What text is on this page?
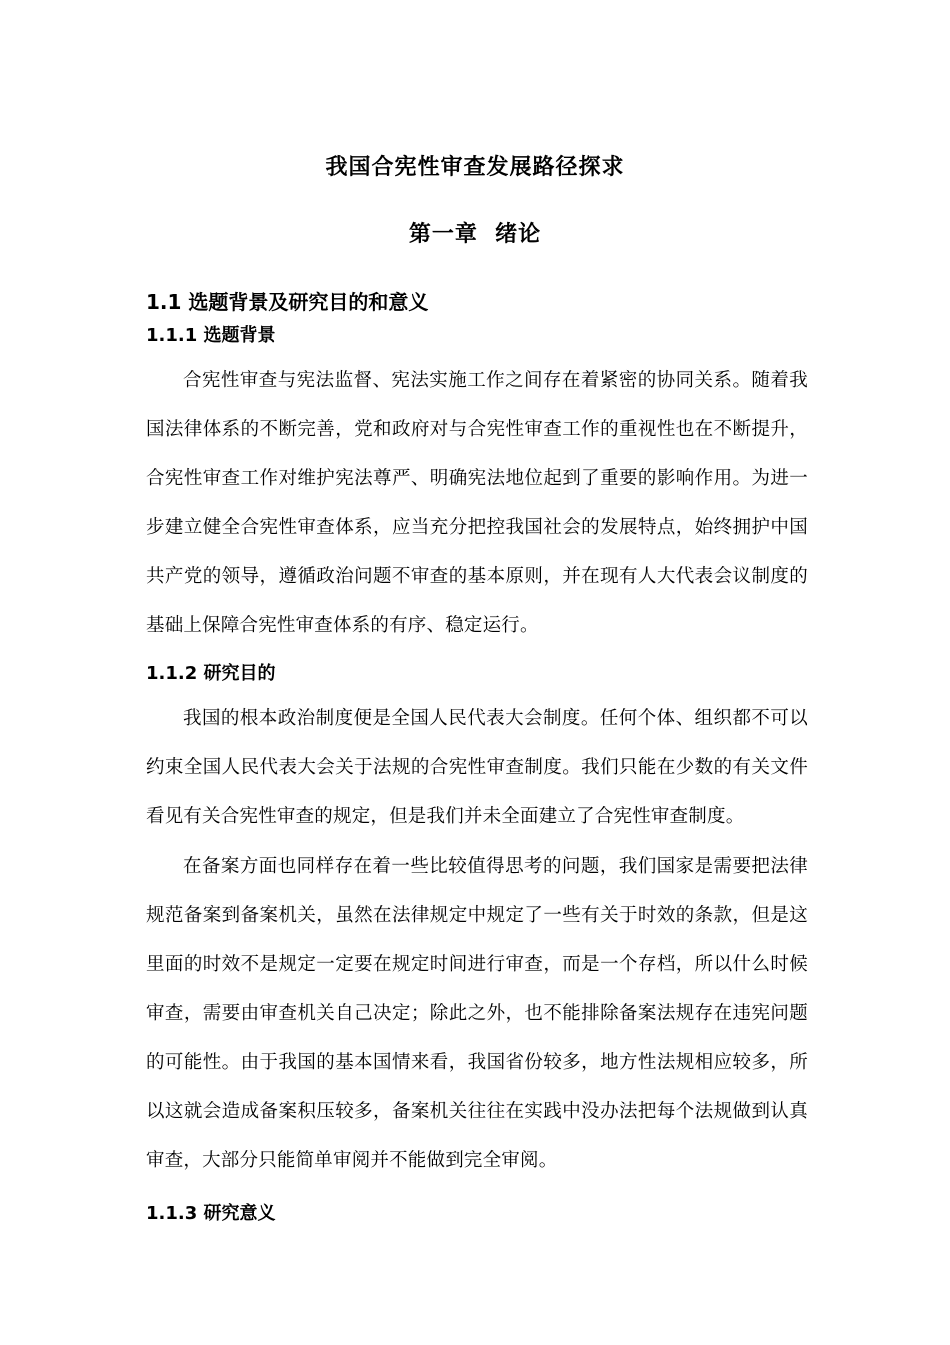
我国合宪性审查发展路径探求
第一章  绪论
1.1 选题背景及研究目的和意义
1.1.1 选题背景

合宪性审查与宪法监督、宪法实施工作之间存在着紧密的协同关系。随着我国法律体系的不断完善，党和政府对与合宪性审查工作的重视性也在不断提升，合宪性审查工作对维护宪法尊严、明确宪法地位起到了重要的影响作用。为进一步建立健全合宪性审查体系，应当充分把控我国社会的发展特点，始终拥护中国共产党的领导，遵循政治问题不审查的基本原则，并在现有人大代表会议制度的基础上保障合宪性审查体系的有序、稳定运行。

1.1.2 研究目的

我国的根本政治制度便是全国人民代表大会制度。任何个体、组织都不可以约束全国人民代表大会关于法规的合宪性审查制度。我们只能在少数的有关文件看见有关合宪性审查的规定，但是我们并未全面建立了合宪性审查制度。

在备案方面也同样存在着一些比较值得思考的问题，我们国家是需要把法律规范备案到备案机关，虽然在法律规定中规定了一些有关于时效的条款，但是这里面的时效不是规定一定要在规定时间进行审查，而是一个存档，所以什么时候审查，需要由审查机关自己决定；除此之外，也不能排除备案法规存在违宪问题的可能性。由于我国的基本国情来看，我国省份较多，地方性法规相应较多，所以这就会造成备案积压较多，备案机关往往在实践中没办法把每个法规做到认真审查，大部分只能简单审阅并不能做到完全审阅。

1.1.3 研究意义
